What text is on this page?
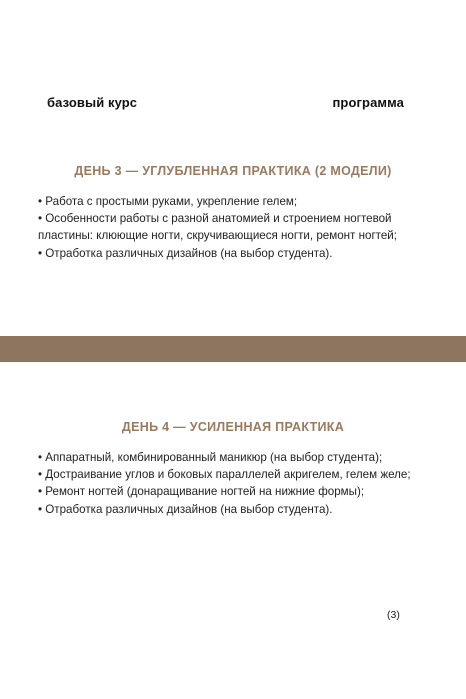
базовый курс	программа
ДЕНЬ 3 — УГЛУБЛЕННАЯ ПРАКТИКА (2 МОДЕЛИ)
• Работа с простыми руками, укрепление гелем;
• Особенности работы с разной анатомией и строением ногтевой пластины: клюющие ногти, скручивающиеся ногти, ремонт ногтей;
• Отработка различных дизайнов (на выбор студента).
ДЕНЬ 4 — УСИЛЕННАЯ ПРАКТИКА
• Аппаратный, комбинированный маникюр (на выбор студента);
• Достраивание углов и боковых параллелей акригелем, гелем желе;
• Ремонт ногтей (донаращивание ногтей на нижние формы);
• Отработка различных дизайнов (на выбор студента).
(3)
